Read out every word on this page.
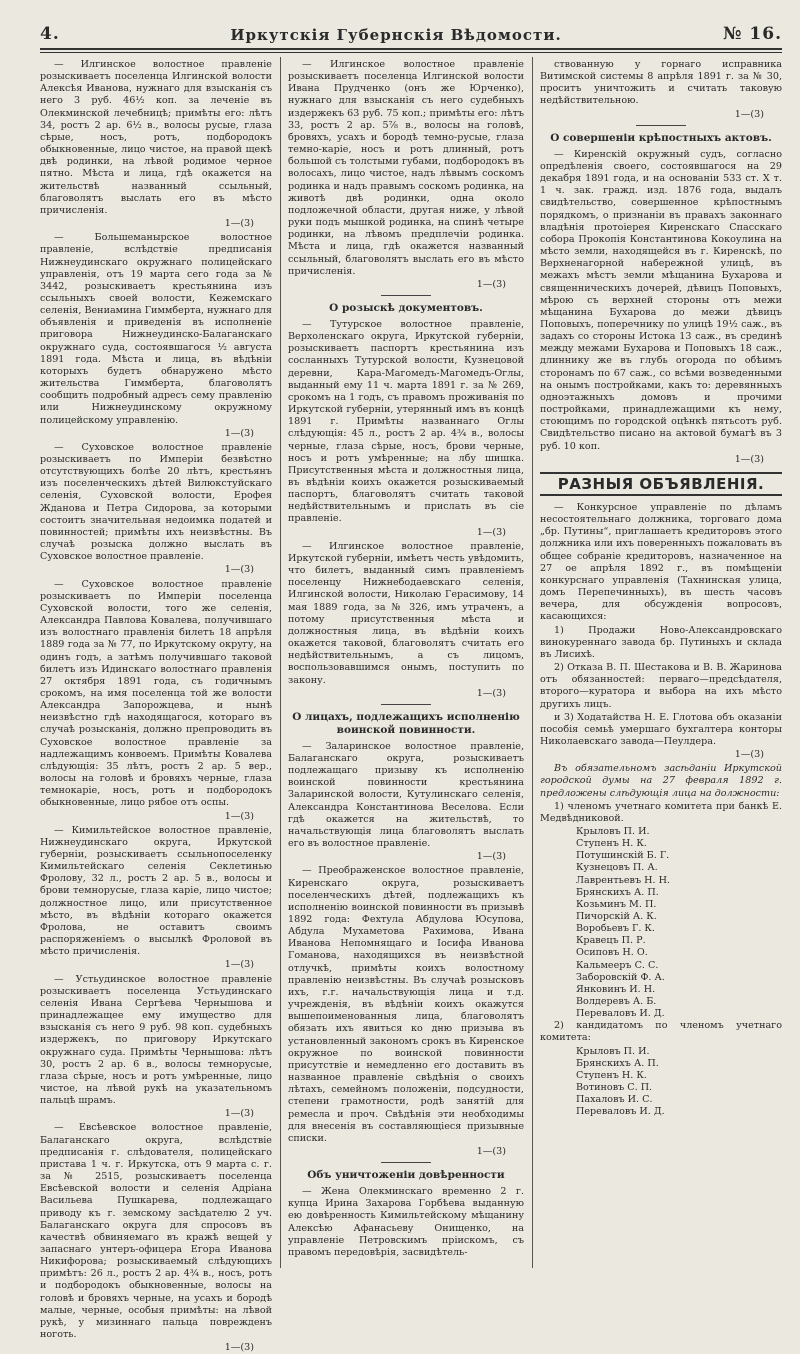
4.	Иркутскія Губернскія Вѣдомости.	№ 16.

— Илгинское волостное правленіе розыскиваетъ поселенца Илгинской волости Алексѣя Иванова, нужнаго для взысканія съ него 3 руб. 46½ коп. за леченіе въ Олекминской лечебницѣ; примѣты его: лѣтъ 34, ростъ 2 ар. 6½ в., волосы русые, глаза сѣрые, носъ, ротъ, подбородокъ обыкновенные, лицо чистое, на правой щекѣ двѣ родинки, на лѣвой родимое черное пятно. Мѣста и лица, гдѣ окажется на жительствѣ названный ссыльный, благоволятъ выслать его въ мѣсто причисленія.

1—(3)

— Большеманырское волостное правленіе, вслѣдствіе предписанія Нижнеудинскаго окружнаго полицейскаго управленія, отъ 19 марта сего года за № 3442, розыскиваетъ крестьянина изъ ссыльныхъ своей волости, Кежемскаго селенія, Вениамина Гиммберта, нужнаго для объявленія и приведенія въ исполненіе приговора Нижнеудинско-Балаганскаго окружнаго суда, состоявшагося ½ августа 1891 года. Мѣста и лица, въ вѣдѣніи которыхъ будетъ обнаружено мѣсто жительства Гиммберта, благоволятъ сообщить подробный адресъ сему правленію или Нижнеудинскому окружному полицейскому управленію.

1—(3)

— Суховское волостное правленіе розыскиваетъ по Имперіи безвѣстно отсутствующихъ болѣе 20 лѣтъ, крестьянъ изъ поселенческихъ дѣтей Вилюкстуйскаго селенія, Суховской волости, Ерофея Жданова и Петра Сидорова, за которыми состоитъ значительная недоимка податей и повинностей; примѣты ихъ неизвѣстны. Въ случаѣ розыска должно выслать въ Суховское волостное правленіе.

1—(3)

— Суховское волостное правленіе розыскиваетъ по Имперіи поселенца Суховской волости, того же селенія, Александра Павлова Ковалева, получившаго изъ волостнаго правленія билетъ 18 апрѣля 1889 года за № 77, по Иркутскому округу, на одинъ годъ, а затѣмъ получившаго таковой билетъ изъ Идинскаго волостнаго правленія 27 октября 1891 года, съ годичнымъ срокомъ, на имя поселенца той же волости Александра Запорожцева, и нынѣ неизвѣстно гдѣ находящагося, котораго въ случаѣ розысканія, должно препроводить въ Суховское волостное правленіе за надлежащимъ конвоемъ. Примѣты Ковалева слѣдующія: 35 лѣтъ, ростъ 2 ар. 5 вер., волосы на головѣ и бровяхъ черные, глаза темнокаріе, носъ, ротъ и подбородокъ обыкновенные, лицо рябое отъ оспы.

1—(3)

— Кимильтейское волостное правленіе, Нижнеудинскаго округа, Иркутской губерніи, розыскиваетъ ссыльнопоселенку Кимильтейскаго селенія Секлетинью Фролову, 32 л., ростъ 2 ар. 5 в., волосы и брови темнорусые, глаза каріе, лицо чистое; должностное лицо, или присутственное мѣсто, въ вѣдѣніи котораго окажется Фролова, не оставитъ своимъ распоряженіемъ о высылкѣ Фроловой въ мѣсто причисленія.

1—(3)

— Устьудинское волостное правленіе розыскиваетъ поселенца Устьудинскаго селенія Ивана Сергѣева Чернышова и принадлежащее ему имущество для взысканія съ него 9 руб. 98 коп. судебныхъ издержекъ, по приговору Иркутскаго окружнаго суда. Примѣты Чернышова: лѣтъ 30, ростъ 2 ар. 6 в., волосы темнорусые, глаза сѣрые, носъ и ротъ умѣренные, лицо чистое, на лѣвой рукѣ на указательномъ пальцѣ шрамъ.

1—(3)

— Евсѣевское волостное правленіе, Балаганскаго округа, вслѣдствіе предписанія г. слѣдователя, полицейскаго пристава 1 ч. г. Иркутска, отъ 9 марта с. г. за № 2515, розыскиваетъ поселенца Евсѣевской волости и селенія Адріана Васильева Пушкарева, подлежащаго приводу къ г. земскому засѣдателю 2 уч. Балаганскаго округа для спросовъ въ качествѣ обвиняемаго въ кражѣ вещей у запаснаго унтеръ-офицера Егора Иванова Никифорова; розыскиваемый слѣдующихъ примѣтъ: 26 л., ростъ 2 ар. 4¾ в., носъ, ротъ и подбородокъ обыкновенные, волосы на головѣ и бровяхъ черные, на усахъ и бородѣ малые, черные, особыя примѣты: на лѣвой рукѣ, у мизиннаго пальца поврежденъ ноготь.

1—(3)

— Илгинское волостное правленіе розыскиваетъ поселенца Илгинской волости Ивана Прудченко (онъ же Юрченко), нужнаго для взысканія съ него судебныхъ издержекъ 63 руб. 75 коп.; примѣты его: лѣтъ 33, ростъ 2 ар. 5⅞ в., волосы на головѣ, бровяхъ, усахъ и бородѣ темно-русые, глаза темно-каріе, носъ и ротъ длинный, ротъ большой съ толстыми губами, подбородокъ въ волосахъ, лицо чистое, надъ лѣвымъ соскомъ родинка и надъ правымъ соскомъ родинка, на животѣ двѣ родинки, одна около подложечной области, другая ниже, у лѣвой руки подъ мышкой родинка, на спинѣ четыре родинки, на лѣвомъ предплечіи родинка. Мѣста и лица, гдѣ окажется названный ссыльный, благоволятъ выслать его въ мѣсто причисленія.

1—(3)
О розыскѣ документовъ.

— Тутурское волостное правленіе, Верхоленскаго округа, Иркутской губерніи, розыскиваетъ паспортъ крестьянина изъ сосланныхъ Тутурской волости, Кузнецовой деревни, Кара-Магомедъ-Магомедъ-Оглы, выданный ему 11 ч. марта 1891 г. за № 269, срокомъ на 1 годъ, съ правомъ проживанія по Иркутской губерніи, утерянный имъ въ концѣ 1891 г. Примѣты названнаго Оглы слѣдующія: 45 л., ростъ 2 ар. 4¾ в., волосы черные, глаза сѣрые, носъ, брови черные, носъ и ротъ умѣренные; на лбу шишка. Присутственныя мѣста и должностныя лица, въ вѣдѣніи коихъ окажется розыскиваемый паспортъ, благоволятъ считать таковой недѣйствительнымъ и прислать въ сіе правленіе.

1—(3)

— Илгинское волостное правленіе, Иркутской губерніи, имѣетъ честь увѣдомить, что билетъ, выданный симъ правленіемъ поселенцу Нижнебодаевскаго селенія, Илгинской волости, Николаю Герасимову, 14 мая 1889 года, за № 326, имъ утраченъ, а потому присутственныя мѣста и должностныя лица, въ вѣдѣніи коихъ окажется таковой, благоволятъ считать его недѣйствительнымъ, а съ лицомъ, воспользовавшимся онымъ, поступить по закону.

1—(3)
О лицахъ, подлежащихъ исполненію воинской повинности.

— Заларинское волостное правленіе, Балаганскаго округа, розыскиваетъ подлежащаго призыву къ исполненію воинской повинности крестьянина Заларинской волости, Кутулинскаго селенія, Александра Константинова Веселова. Если гдѣ окажется на жительствѣ, то начальствующія лица благоволятъ выслать его въ волостное правленіе.

1—(3)

— Преображенское волостное правленіе, Киренскаго округа, розыскиваетъ поселенческихъ дѣтей, подлежащихъ къ исполненію воинской повинности въ призывѣ 1892 года: Фехтула Абдулова Юсупова, Абдула Мухаметова Рахимова, Ивана Иванова Непомнящаго и Іосифа Иванова Гоманова, находящихся въ неизвѣстной отлучкѣ, примѣты коихъ волостному правленію неизвѣстны. Въ случаѣ розысковъ ихъ, г.г. начальствующія лица и т.д. учрежденія, въ вѣдѣніи коихъ окажутся вышепоименованныя лица, благоволятъ обязать ихъ явиться ко дню призыва въ установленный закономъ срокъ въ Киренское окружное по воинской повинности присутствіе и немедленно его доставить въ названное правленіе свѣдѣнія о своихъ лѣтахъ, семейномъ положеніи, подсудности, степени грамотности, родѣ занятій для ремесла и проч. Свѣдѣнія эти необходимы для внесенія въ составляющіеся призывные списки.

1—(3)
Объ уничтоженіи довѣренности

— Жена Олекминскаго временно 2 г. купца Ирина Захарова Горбѣева выданную ею довѣренность Кимильтейскому мѣщанину Алексѣю Афанасьеву Онищенко, на управленіе Петровскимъ пріискомъ, съ правомъ передовѣрія, засвидѣтель-

ствованную у горнаго исправника Витимской системы 8 апрѣля 1891 г. за № 30, проситъ уничтожить и считать таковую недѣйствительною.

1—(3)
О совершеніи крѣпостныхъ актовъ.

— Киренскій окружный судъ, согласно опредѣленія своего, состоявшагося на 29 декабря 1891 года, и на основаніи 533 ст. Х т. 1 ч. зак. гражд. изд. 1876 года, выдалъ свидѣтельство, совершенное крѣпостнымъ порядкомъ, о признаніи въ правахъ законнаго владѣнія протоіерея Киренскаго Спасскаго собора Прокопія Константинова Кокоулина на мѣсто земли, находящейся въ г. Киренскѣ, по Верхненагорной набережной улицѣ, въ межахъ мѣстъ земли мѣщанина Бухарова и священническихъ дочерей, дѣвицъ Поповыхъ, мѣрою съ верхней стороны отъ межи мѣщанина Бухарова до межи дѣвицъ Поповыхъ, поперечнику по улицѣ 19½ саж., въ задахъ со стороны Истока 13 саж., въ срединѣ между межами Бухарова и Поповыхъ 18 саж., длиннику же въ глубь огорода по обѣимъ сторонамъ по 67 саж., со всѣми возведенными на онымъ постройками, какъ то: деревянныхъ одноэтажныхъ домовъ и прочими постройками, принадлежащими къ нему, стоющимъ по городской оцѣнкѣ пятьсотъ руб. Свидѣтельство писано на актовой бумагѣ въ 3 руб. 10 коп.

1—(3)
РАЗНЫЯ ОБЪЯВЛЕНІЯ.

— Конкурсное управленіе по дѣламъ несостоятельнаго должника, торговаго дома „бр. Путины“, приглашаетъ кредиторовъ этого должника или ихъ поверенныхъ пожаловать въ общее собраніе кредиторовъ, назначенное на 27 ое апрѣля 1892 г., въ помѣщеніи конкурснаго управленія (Тахнинская улица, домъ Перепечинныхъ), въ шесть часовъ вечера, для обсужденія вопросовъ, касающихся:

1) Продажи Ново-Александровскаго винокуреннаго завода бр. Путиныхъ и склада въ Лисихѣ.

2) Отказа В. П. Шестакова и В. В. Жаринова отъ обязанностей: перваго—предсѣдателя, второго—куратора и выбора на ихъ мѣсто другихъ лицъ.

и 3) Ходатайства Н. Е. Глотова объ оказаніи пособія семьѣ умершаго бухгалтера конторы Николаевскаго завода—Пеулдера.

1—(3)

Въ обязательномъ засѣданіи Иркутской городской думы на 27 февраля 1892 г. предложены слѣдующія лица на должности:

1) членомъ учетнаго комитета при банкѣ Е. Медвѣдниковой.

Крыловъ П. И.
Ступенъ Н. К.
Потушинскій Б. Г.
Кузнецовъ П. А.
Лаврентьевъ Н. Н.
Брянскихъ А. П.
Козьминъ М. П.
Пичорскій А. К.
Воробьевъ Г. К.
Кравецъ П. Р.
Осиповъ Н. О.
Кальмееръ С. С.
Заборовскій Ф. А.
Янковинъ И. Н.
Волдеревъ А. Б.
Переваловъ И. Д.

2) кандидатомъ по членомъ учетнаго комитета:

Крыловъ П. И.
Брянскихъ А. П.
Ступенъ Н. К.
Вотиновъ С. П.
Пахаловъ И. С.
Переваловъ И. Д.
